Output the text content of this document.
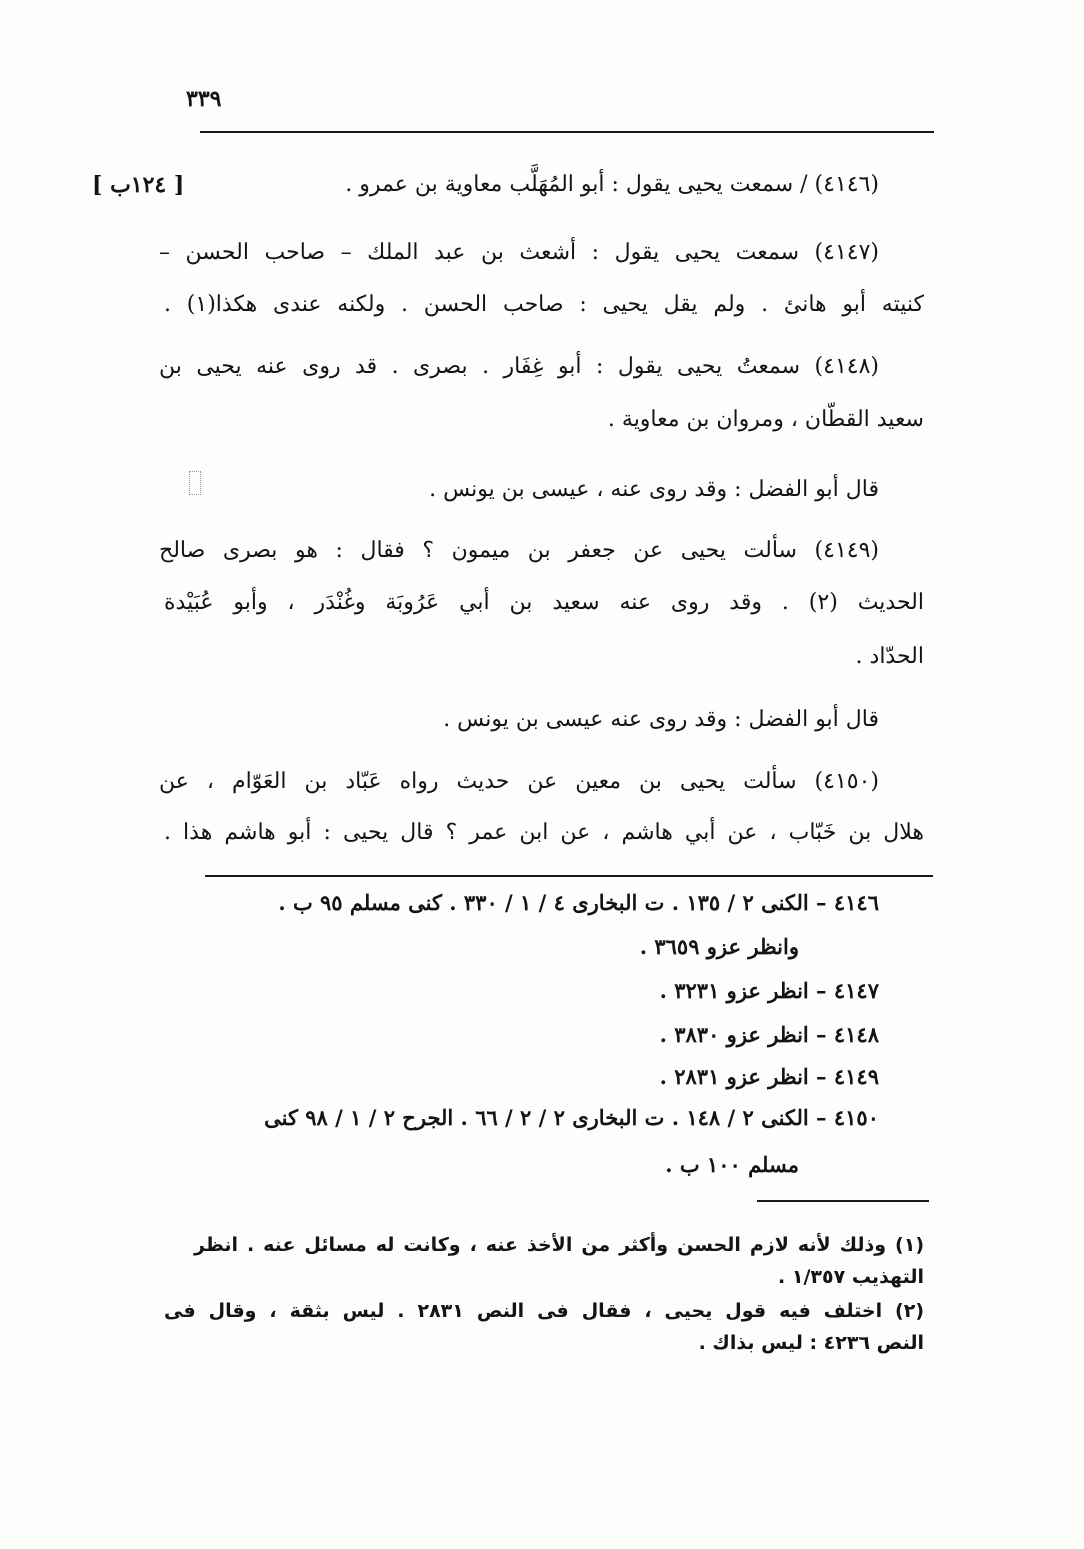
٣٣٩
[ ١٢٤ب ]	(٤١٤٦) / سمعت يحيى يقول : أبو المُهَلَّب معاوية بن عمرو .
(٤١٤٧) سمعت يحيى يقول : أشعث بن عبد الملك – صاحب الحسن –
كنيته أبو هانئ . ولم يقل يحيى : صاحب الحسن . ولكنه عندى هكذا(١) .
(٤١٤٨) سمعتُ يحيى يقول : أبو غِفَار . بصرى . قد روى عنه يحيى بن
سعيد القطّان ، ومروان بن معاوية .
قال أبو الفضل : وقد روى عنه ، عيسى بن يونس .
(٤١٤٩) سألت يحيى عن جعفر بن ميمون ؟ فقال : هو بصرى صالح
الحديث (٢) . وقد روى عنه سعيد بن أبي عَرُوبَة وغُنْدَر ، وأبو عُبَيْدة
الحدّاد .
قال أبو الفضل : وقد روى عنه عيسى بن يونس .
(٤١٥٠) سألت يحيى بن معين عن حديث رواه عَبّاد بن العَوّام ، عن
هلال بن خَبّاب ، عن أبي هاشم ، عن ابن عمر ؟ قال يحيى : أبو هاشم هذا .
٤١٤٦ – الكنى ٢ / ١٣٥ . ت البخارى ٤ / ١ / ٣٣٠ . كنى مسلم ٩٥ ب .
وانظر عزو ٣٦٥٩ .
٤١٤٧ – انظر عزو ٣٢٣١ .
٤١٤٨ – انظر عزو ٣٨٣٠ .
٤١٤٩ – انظر عزو ٢٨٣١ .
٤١٥٠ – الكنى ٢ / ١٤٨ . ت البخارى ٢ / ٢ / ٦٦ . الجرح ٢ / ١ / ٩٨ كنى
مسلم ١٠٠ ب .
(١) وذلك لأنه لازم الحسن وأكثر من الأخذ عنه ، وكانت له مسائل عنه . انظر
التهذيب ١/٣٥٧ .
(٢) اختلف فيه قول يحيى ، فقال فى النص ٢٨٣١ . ليس بثقة ، وقال فى
النص ٤٢٣٦ : ليس بذاك .
